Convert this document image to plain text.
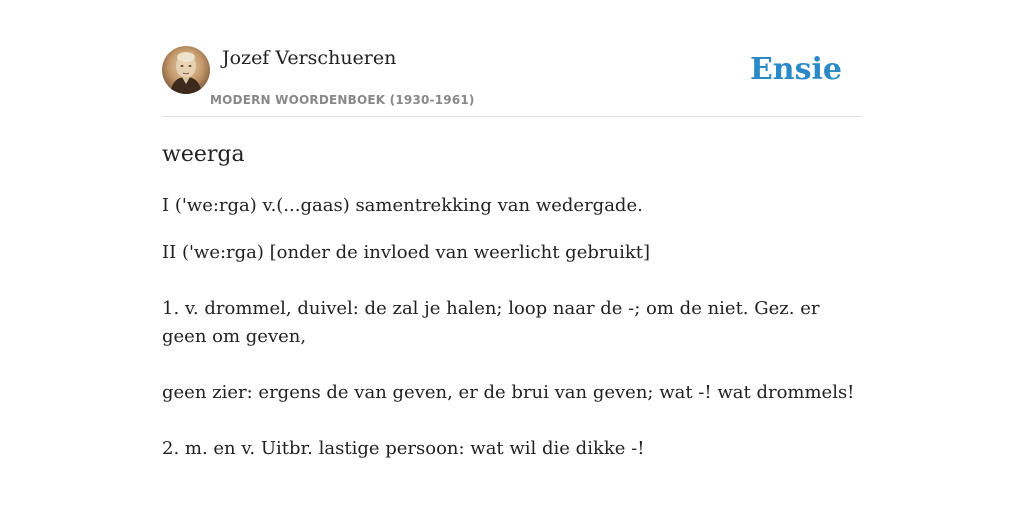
Jozef Verschueren
MODERN WOORDENBOEK (1930-1961)
Ensie
weerga

I ('we:rga) v.(...gaas) samentrekking van wedergade.

II ('we:rga) [onder de invloed van weerlicht gebruikt]

1. v. drommel, duivel: de zal je halen; loop naar de -; om de niet. Gez. er geen om geven,

geen zier: ergens de van geven, er de brui van geven; wat -! wat drommels!

2. m. en v. Uitbr. lastige persoon: wat wil die dikke -!
